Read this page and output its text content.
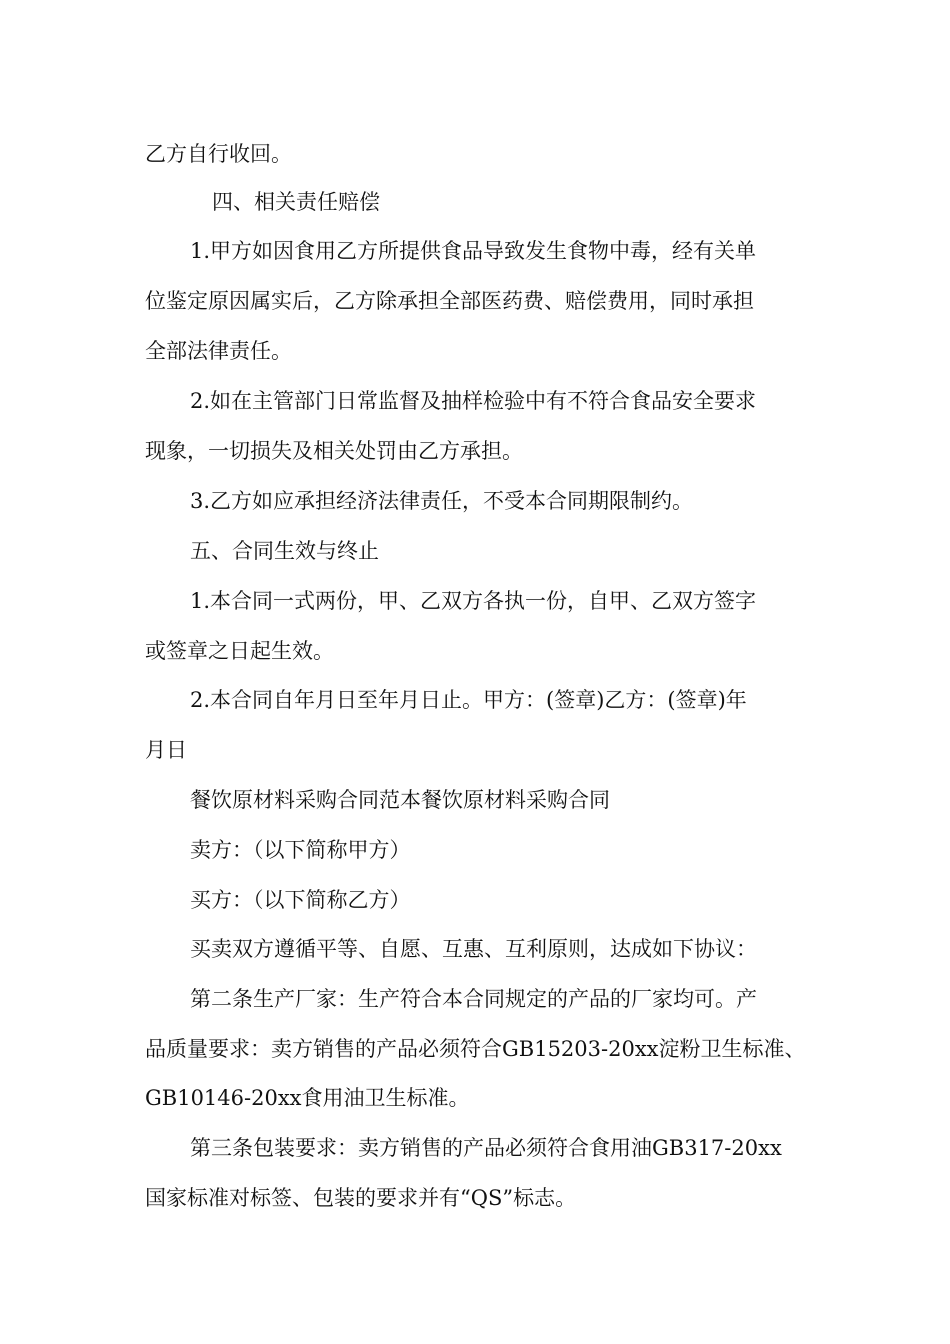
乙方自行收回。
四、相关责任赔偿
1.甲方如因食用乙方所提供食品导致发生食物中毒，经有关单
位鉴定原因属实后，乙方除承担全部医药费、赔偿费用，同时承担
全部法律责任。
2.如在主管部门日常监督及抽样检验中有不符合食品安全要求
现象，一切损失及相关处罚由乙方承担。
3.乙方如应承担经济法律责任，不受本合同期限制约。
五、合同生效与终止
1.本合同一式两份，甲、乙双方各执一份，自甲、乙双方签字
或签章之日起生效。
2.本合同自年月日至年月日止。甲方：(签章)乙方：(签章)年
月日
餐饮原材料采购合同范本餐饮原材料采购合同
卖方：（以下简称甲方）
买方：（以下简称乙方）
买卖双方遵循平等、自愿、互惠、互利原则，达成如下协议：
第二条生产厂家：生产符合本合同规定的产品的厂家均可。产
品质量要求：卖方销售的产品必须符合GB15203-20xx淀粉卫生标准、
GB10146-20xx食用油卫生标准。
第三条包装要求：卖方销售的产品必须符合食用油GB317-20xx
国家标准对标签、包装的要求并有“QS”标志。
